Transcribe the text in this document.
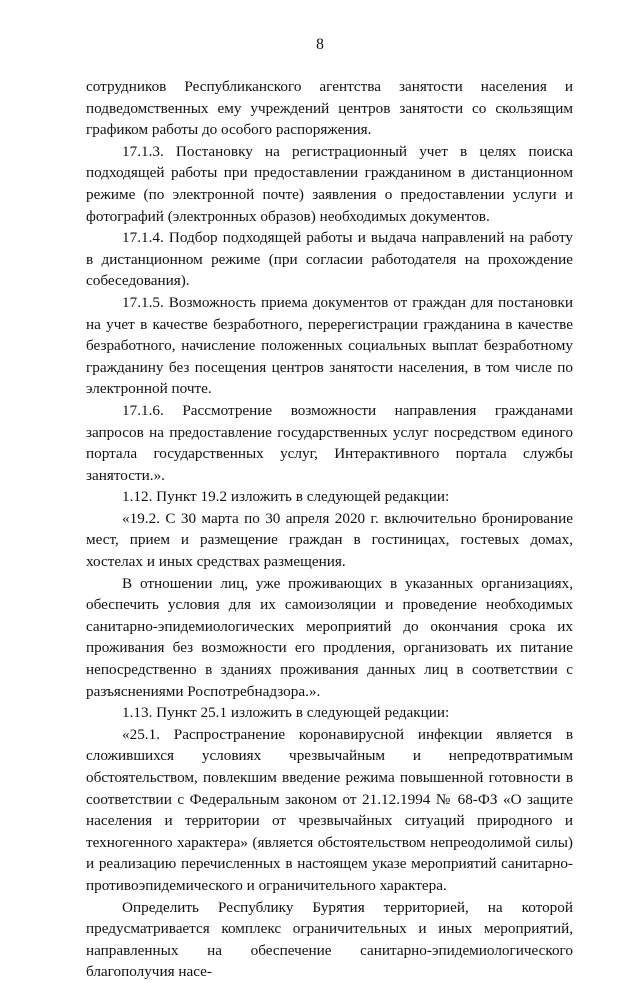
8

сотрудников Республиканского агентства занятости населения и подведомственных ему учреждений центров занятости со скользящим графиком работы до особого распоряжения.

17.1.3. Постановку на регистрационный учет в целях поиска подходящей работы при предоставлении гражданином в дистанционном режиме (по электронной почте) заявления о предоставлении услуги и фотографий (электронных образов) необходимых документов.

17.1.4. Подбор подходящей работы и выдача направлений на работу в дистанционном режиме (при согласии работодателя на прохождение собеседования).

17.1.5. Возможность приема документов от граждан для постановки на учет в качестве безработного, перерегистрации гражданина в качестве безработного, начисление положенных социальных выплат безработному гражданину без посещения центров занятости населения, в том числе по электронной почте.

17.1.6. Рассмотрение возможности направления гражданами запросов на предоставление государственных услуг посредством единого портала государственных услуг, Интерактивного портала службы занятости.».

1.12. Пункт 19.2 изложить в следующей редакции:

«19.2. С 30 марта по 30 апреля 2020 г. включительно бронирование мест, прием и размещение граждан в гостиницах, гостевых домах, хостелах и иных средствах размещения.

В отношении лиц, уже проживающих в указанных организациях, обеспечить условия для их самоизоляции и проведение необходимых санитарно-эпидемиологических мероприятий до окончания срока их проживания без возможности его продления, организовать их питание непосредственно в зданиях проживания данных лиц в соответствии с разъяснениями Роспотребнадзора.».

1.13. Пункт 25.1 изложить в следующей редакции:

«25.1. Распространение коронавирусной инфекции является в сложившихся условиях чрезвычайным и непредотвратимым обстоятельством, повлекшим введение режима повышенной готовности в соответствии с Федеральным законом от 21.12.1994 № 68-ФЗ «О защите населения и территории от чрезвычайных ситуаций природного и техногенного характера» (является обстоятельством непреодолимой силы) и реализацию перечисленных в настоящем указе мероприятий санитарно-противоэпидемического и ограничительного характера.

Определить Республику Бурятия территорией, на которой предусматривается комплекс ограничительных и иных мероприятий, направленных на обеспечение санитарно-эпидемиологического благополучия насе-
